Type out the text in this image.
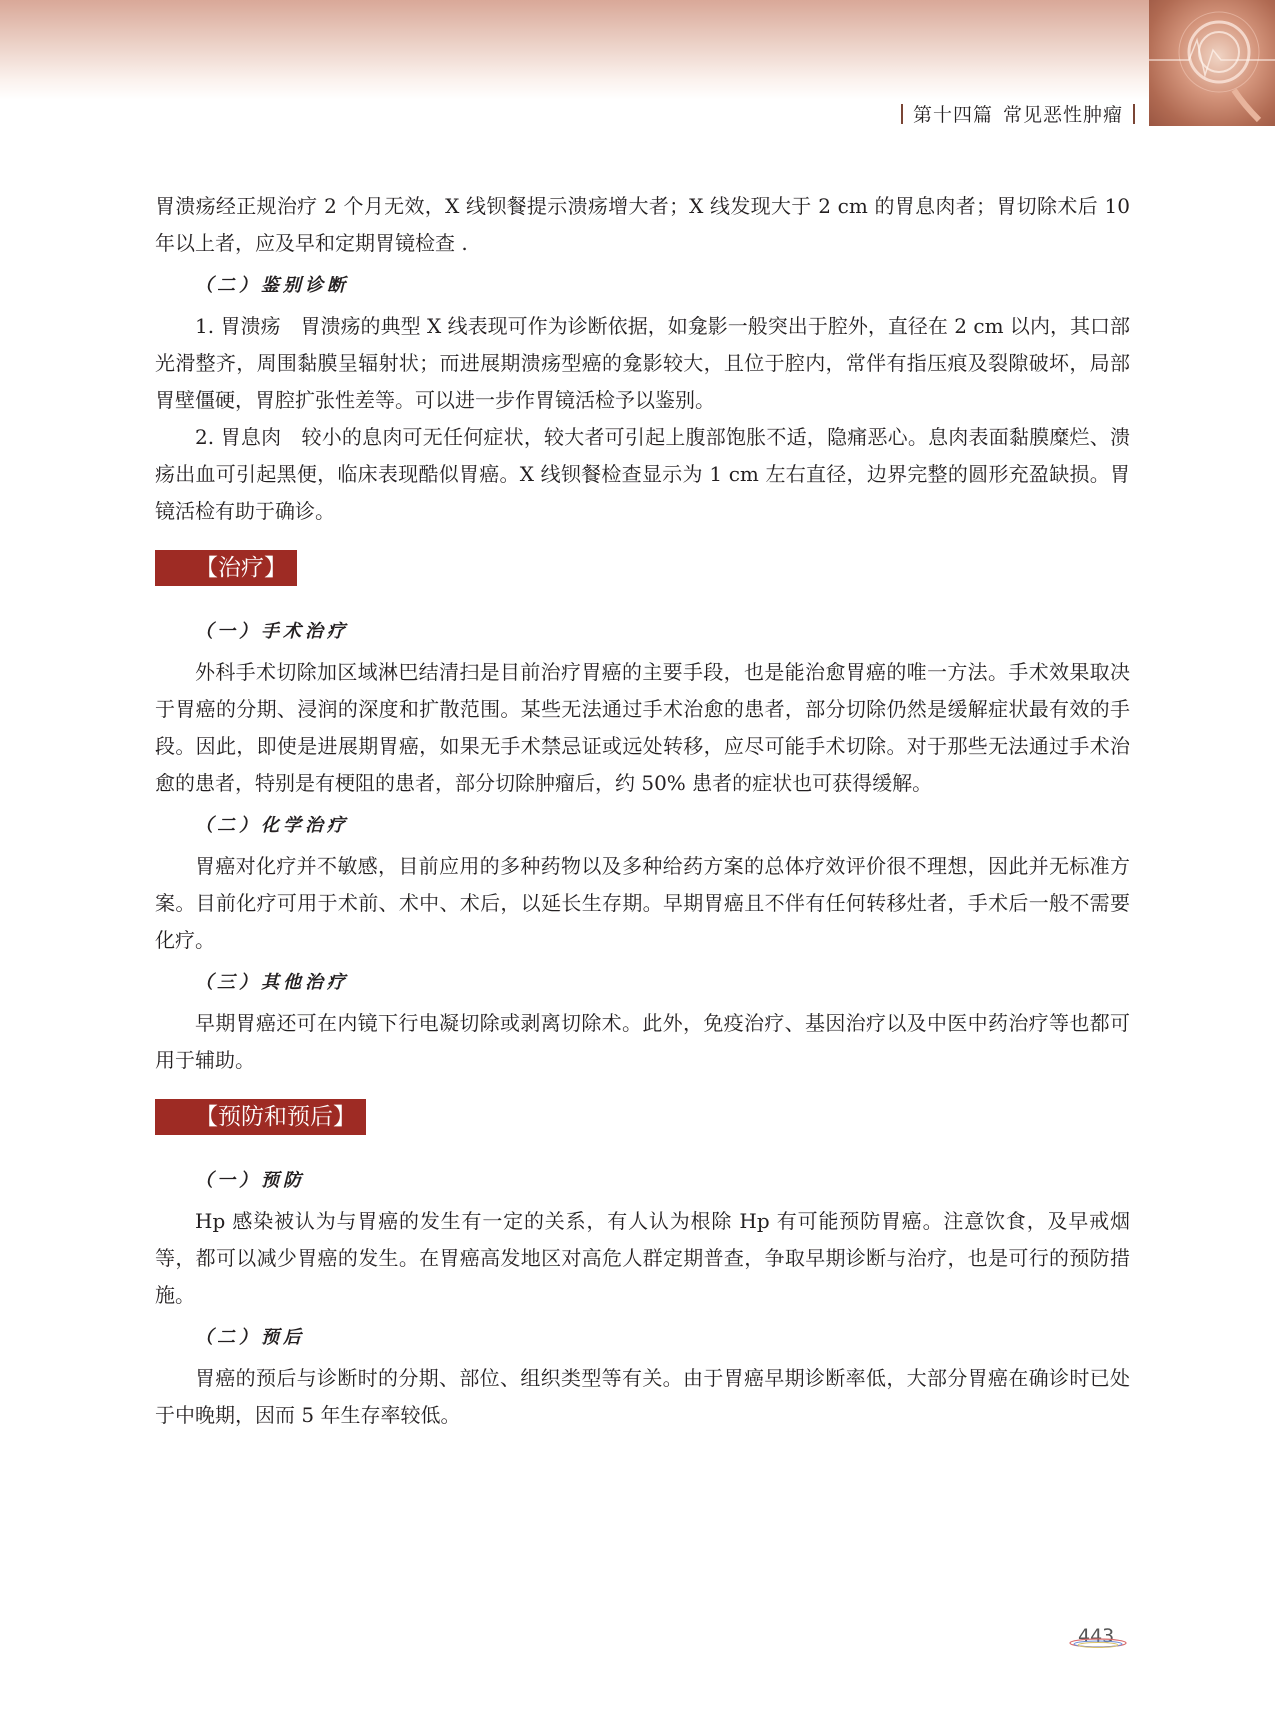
第十四篇 常见恶性肿瘤

胃溃疡经正规治疗 2 个月无效，X 线钡餐提示溃疡增大者；X 线发现大于 2 cm 的胃息肉者；胃切除术后 10 年以上者，应及早和定期胃镜检查 .

（二）鉴别诊断

1. 胃溃疡　胃溃疡的典型 X 线表现可作为诊断依据，如龛影一般突出于腔外，直径在 2 cm 以内，其口部光滑整齐，周围黏膜呈辐射状；而进展期溃疡型癌的龛影较大，且位于腔内，常伴有指压痕及裂隙破坏，局部胃壁僵硬，胃腔扩张性差等。可以进一步作胃镜活检予以鉴别。

2. 胃息肉　较小的息肉可无任何症状，较大者可引起上腹部饱胀不适，隐痛恶心。息肉表面黏膜糜烂、溃疡出血可引起黑便，临床表现酷似胃癌。X 线钡餐检查显示为 1 cm 左右直径，边界完整的圆形充盈缺损。胃镜活检有助于确诊。

【治疗】
（一）手术治疗

外科手术切除加区域淋巴结清扫是目前治疗胃癌的主要手段，也是能治愈胃癌的唯一方法。手术效果取决于胃癌的分期、浸润的深度和扩散范围。某些无法通过手术治愈的患者，部分切除仍然是缓解症状最有效的手段。因此，即使是进展期胃癌，如果无手术禁忌证或远处转移，应尽可能手术切除。对于那些无法通过手术治愈的患者，特别是有梗阻的患者，部分切除肿瘤后，约 50% 患者的症状也可获得缓解。

（二）化学治疗

胃癌对化疗并不敏感，目前应用的多种药物以及多种给药方案的总体疗效评价很不理想，因此并无标准方案。目前化疗可用于术前、术中、术后，以延长生存期。早期胃癌且不伴有任何转移灶者，手术后一般不需要化疗。

（三）其他治疗

早期胃癌还可在内镜下行电凝切除或剥离切除术。此外，免疫治疗、基因治疗以及中医中药治疗等也都可用于辅助。

【预防和预后】
（一）预防

Hp 感染被认为与胃癌的发生有一定的关系，有人认为根除 Hp 有可能预防胃癌。注意饮食，及早戒烟等，都可以减少胃癌的发生。在胃癌高发地区对高危人群定期普查，争取早期诊断与治疗，也是可行的预防措施。

（二）预后

胃癌的预后与诊断时的分期、部位、组织类型等有关。由于胃癌早期诊断率低，大部分胃癌在确诊时已处于中晚期，因而 5 年生存率较低。

443
